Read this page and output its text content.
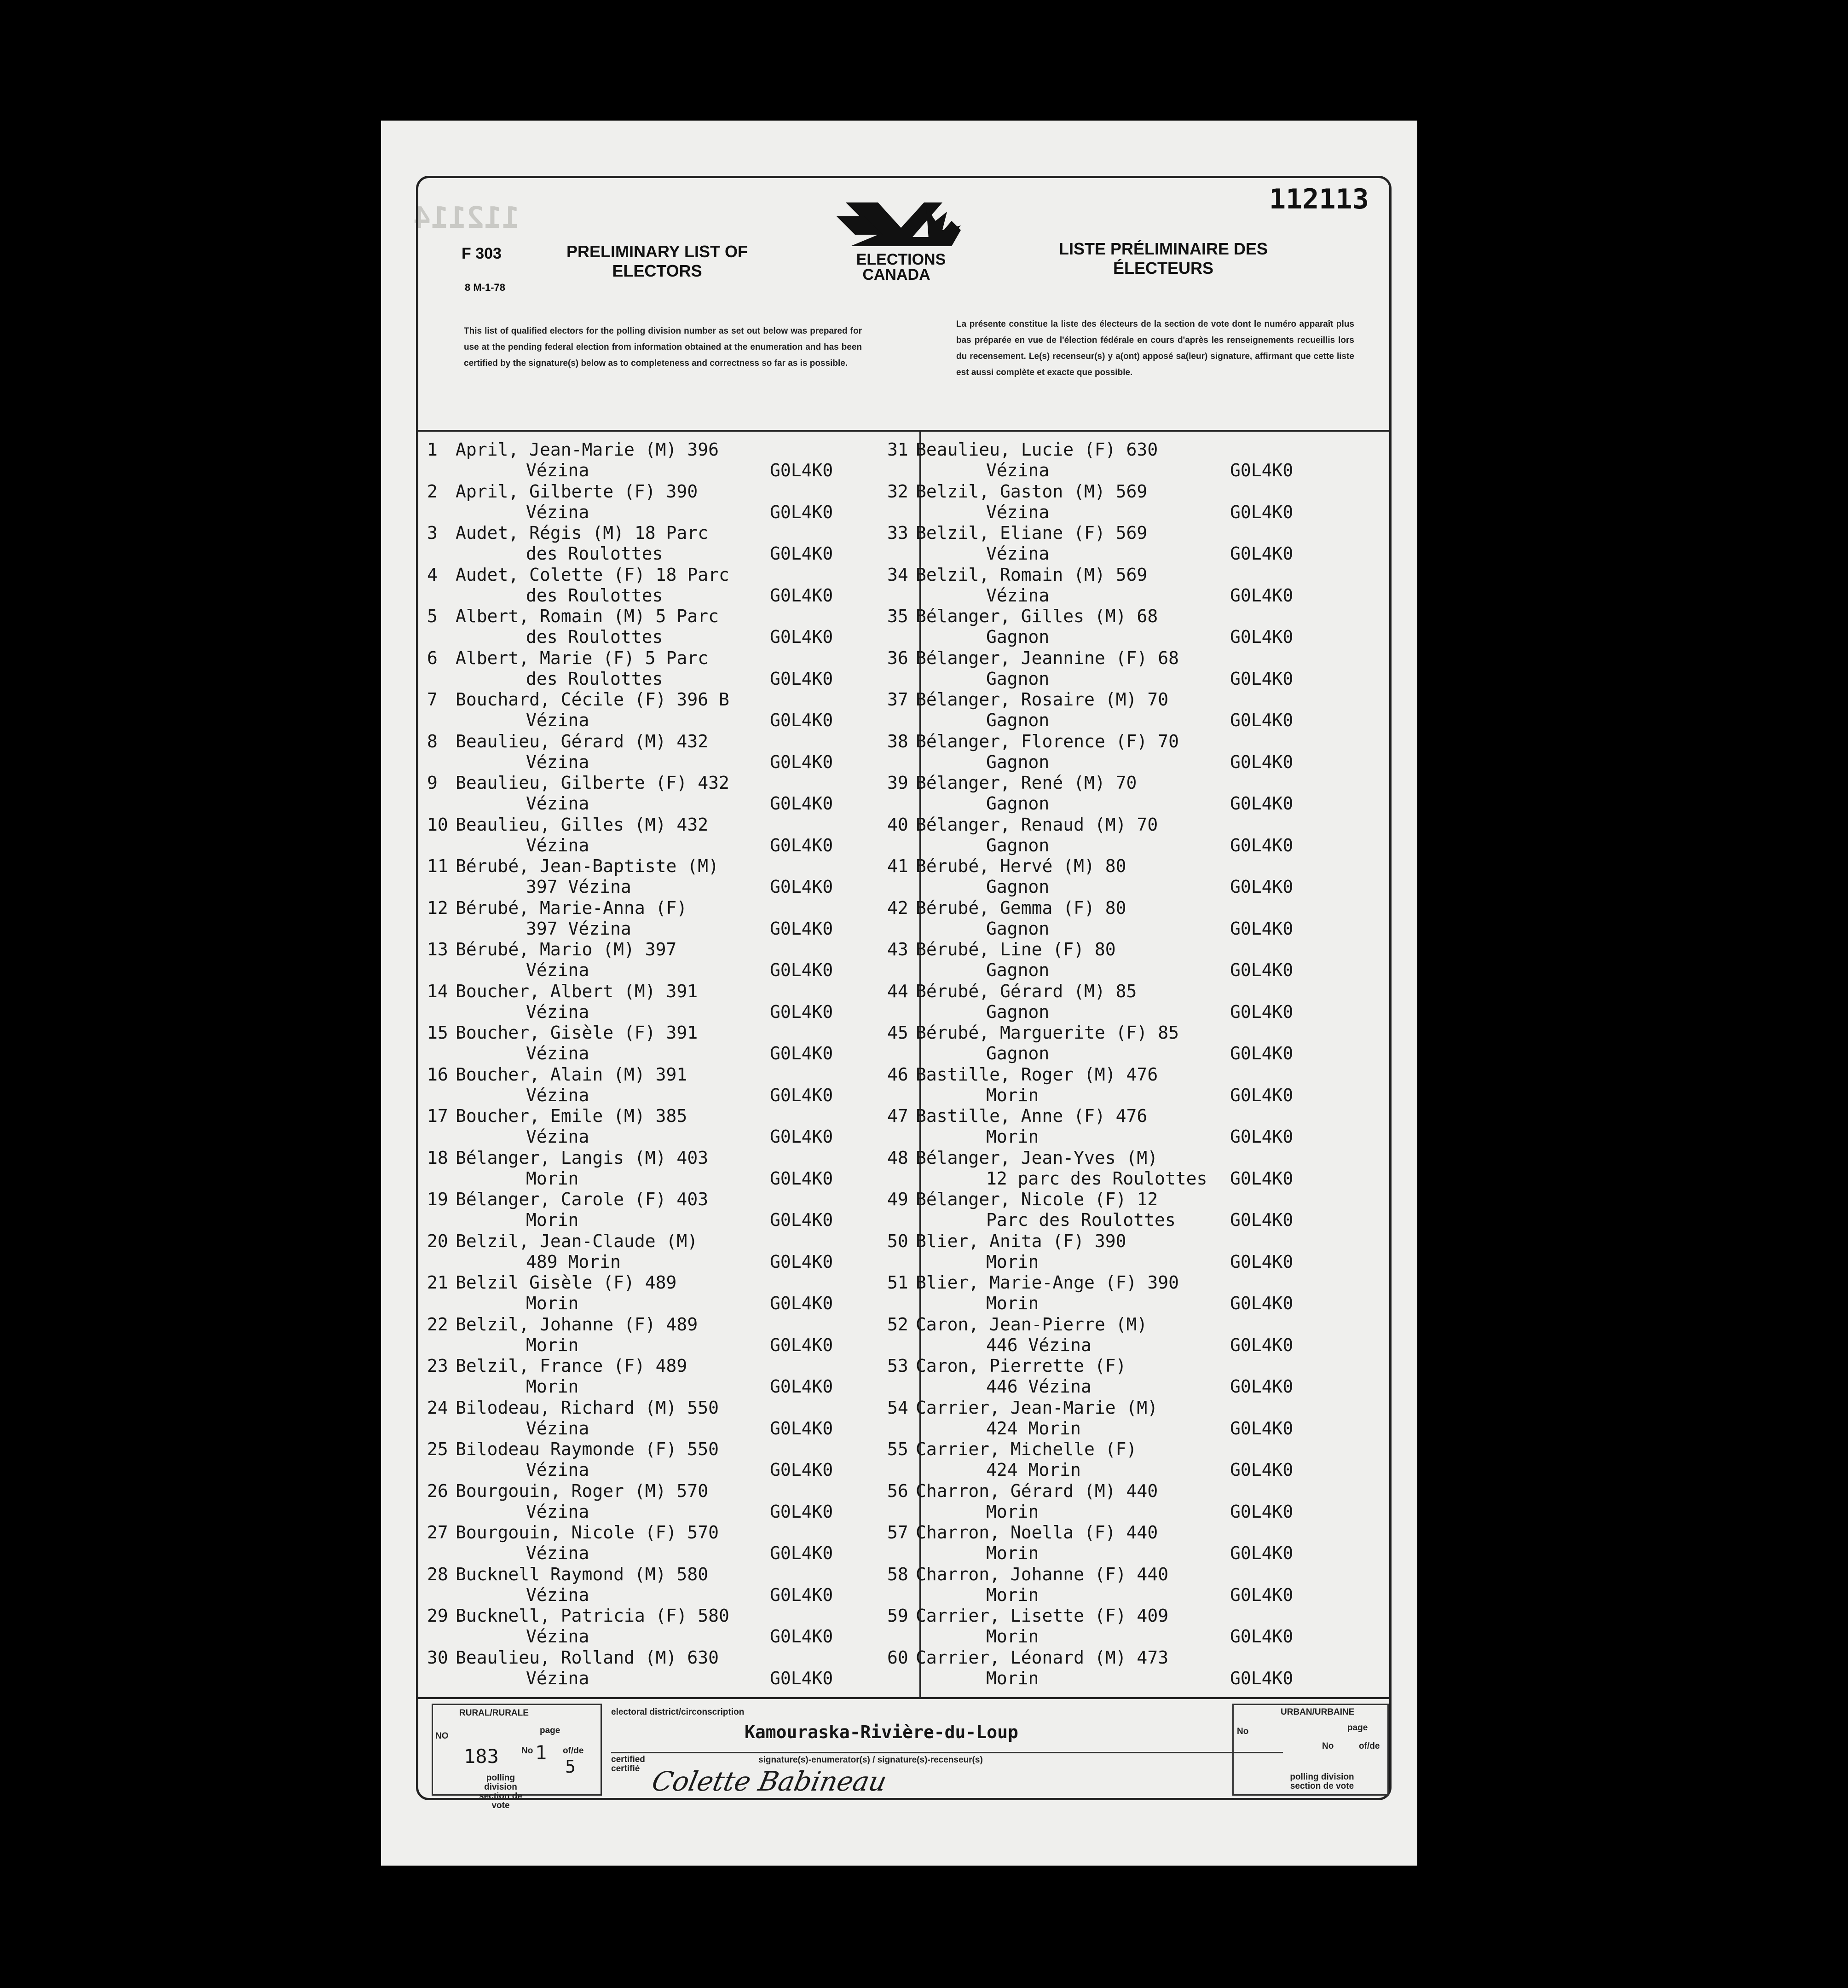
112114
112113
F 303
8 M-1-78
PRELIMINARY LIST OF ELECTORS
LISTE PRÉLIMINAIRE DES ÉLECTEURS
ELECTIONS
CANADA
This list of qualified electors for the polling division number as set out below was prepared for use at the pending federal election from information obtained at the enumeration and has been certified by the signature(s) below as to completeness and correctness so far as is possible.
La présente constitue la liste des électeurs de la section de vote dont le numéro apparaît plus bas préparée en vue de l'élection fédérale en cours d'après les renseignements recueillis lors du recensement. Le(s) recenseur(s) y a(ont) apposé sa(leur) signature, affirmant que cette liste est aussi complète et exacte que possible.
1 April, Jean-Marie (M) 396
Vézina	G0L4K0
2 April, Gilberte (F) 390
Vézina	G0L4K0
3 Audet, Régis (M) 18 Parc
des Roulottes	G0L4K0
4 Audet, Colette (F) 18 Parc
des Roulottes	G0L4K0
5 Albert, Romain (M) 5 Parc
des Roulottes	G0L4K0
6 Albert, Marie (F) 5 Parc
des Roulottes	G0L4K0
7 Bouchard, Cécile (F) 396 B
Vézina	G0L4K0
8 Beaulieu, Gérard (M) 432
Vézina	G0L4K0
9 Beaulieu, Gilberte (F) 432
Vézina	G0L4K0
10 Beaulieu, Gilles (M) 432
Vézina	G0L4K0
11 Bérubé, Jean-Baptiste (M)
397 Vézina	G0L4K0
12 Bérubé, Marie-Anna (F)
397 Vézina	G0L4K0
13 Bérubé, Mario (M) 397
Vézina	G0L4K0
14 Boucher, Albert (M) 391
Vézina	G0L4K0
15 Boucher, Gisèle (F) 391
Vézina	G0L4K0
16 Boucher, Alain (M) 391
Vézina	G0L4K0
17 Boucher, Emile (M) 385
Vézina	G0L4K0
18 Bélanger, Langis (M) 403
Morin	G0L4K0
19 Bélanger, Carole (F) 403
Morin	G0L4K0
20 Belzil, Jean-Claude (M)
489 Morin	G0L4K0
21 Belzil Gisèle (F) 489
Morin	G0L4K0
22 Belzil, Johanne (F) 489
Morin	G0L4K0
23 Belzil, France (F) 489
Morin	G0L4K0
24 Bilodeau, Richard (M) 550
Vézina	G0L4K0
25 Bilodeau Raymonde (F) 550
Vézina	G0L4K0
26 Bourgouin, Roger (M) 570
Vézina	G0L4K0
27 Bourgouin, Nicole (F) 570
Vézina	G0L4K0
28 Bucknell Raymond (M) 580
Vézina	G0L4K0
29 Bucknell, Patricia (F) 580
Vézina	G0L4K0
30 Beaulieu, Rolland (M) 630
Vézina	G0L4K0
31 Beaulieu, Lucie (F) 630
Vézina	G0L4K0
32 Belzil, Gaston (M) 569
Vézina	G0L4K0
33 Belzil, Eliane (F) 569
Vézina	G0L4K0
34 Belzil, Romain (M) 569
Vézina	G0L4K0
35 Bélanger, Gilles (M) 68
Gagnon	G0L4K0
36 Bélanger, Jeannine (F) 68
Gagnon	G0L4K0
37 Bélanger, Rosaire (M) 70
Gagnon	G0L4K0
38 Bélanger, Florence (F) 70
Gagnon	G0L4K0
39 Bélanger, René (M) 70
Gagnon	G0L4K0
40 Bélanger, Renaud (M) 70
Gagnon	G0L4K0
41 Bérubé, Hervé (M) 80
Gagnon	G0L4K0
42 Bérubé, Gemma (F) 80
Gagnon	G0L4K0
43 Bérubé, Line (F) 80
Gagnon	G0L4K0
44 Bérubé, Gérard (M) 85
Gagnon	G0L4K0
45 Bérubé, Marguerite (F) 85
Gagnon	G0L4K0
46 Bastille, Roger (M) 476
Morin	G0L4K0
47 Bastille, Anne (F) 476
Morin	G0L4K0
48 Bélanger, Jean-Yves (M)
12 parc des Roulottes G0L4K0
49 Bélanger, Nicole (F) 12
Parc des Roulottes	G0L4K0
50 Blier, Anita (F) 390
Morin	G0L4K0
51 Blier, Marie-Ange (F) 390
Morin	G0L4K0
52 Caron, Jean-Pierre (M)
446 Vézina	G0L4K0
53 Caron, Pierrette (F)
446 Vézina	G0L4K0
54 Carrier, Jean-Marie (M)
424 Morin	G0L4K0
55 Carrier, Michelle (F)
424 Morin	G0L4K0
56 Charron, Gérard (M) 440
Morin	G0L4K0
57 Charron, Noella (F) 440
Morin	G0L4K0
58 Charron, Johanne (F) 440
Morin	G0L4K0
59 Carrier, Lisette (F) 409
Morin	G0L4K0
60 Carrier, Léonard (M) 473
Morin	G0L4K0
RURAL/RURALE
NO
183
page
No 1 of/de
5
polling division section de vote
electoral district/circonscription
Kamouraska-Rivière-du-Loup
certified certifié
signature(s)-enumerator(s) / signature(s)-recenseur(s)
Colette Babineau
URBAN/URBAINE
No	page
No	of/de
polling division section de vote
